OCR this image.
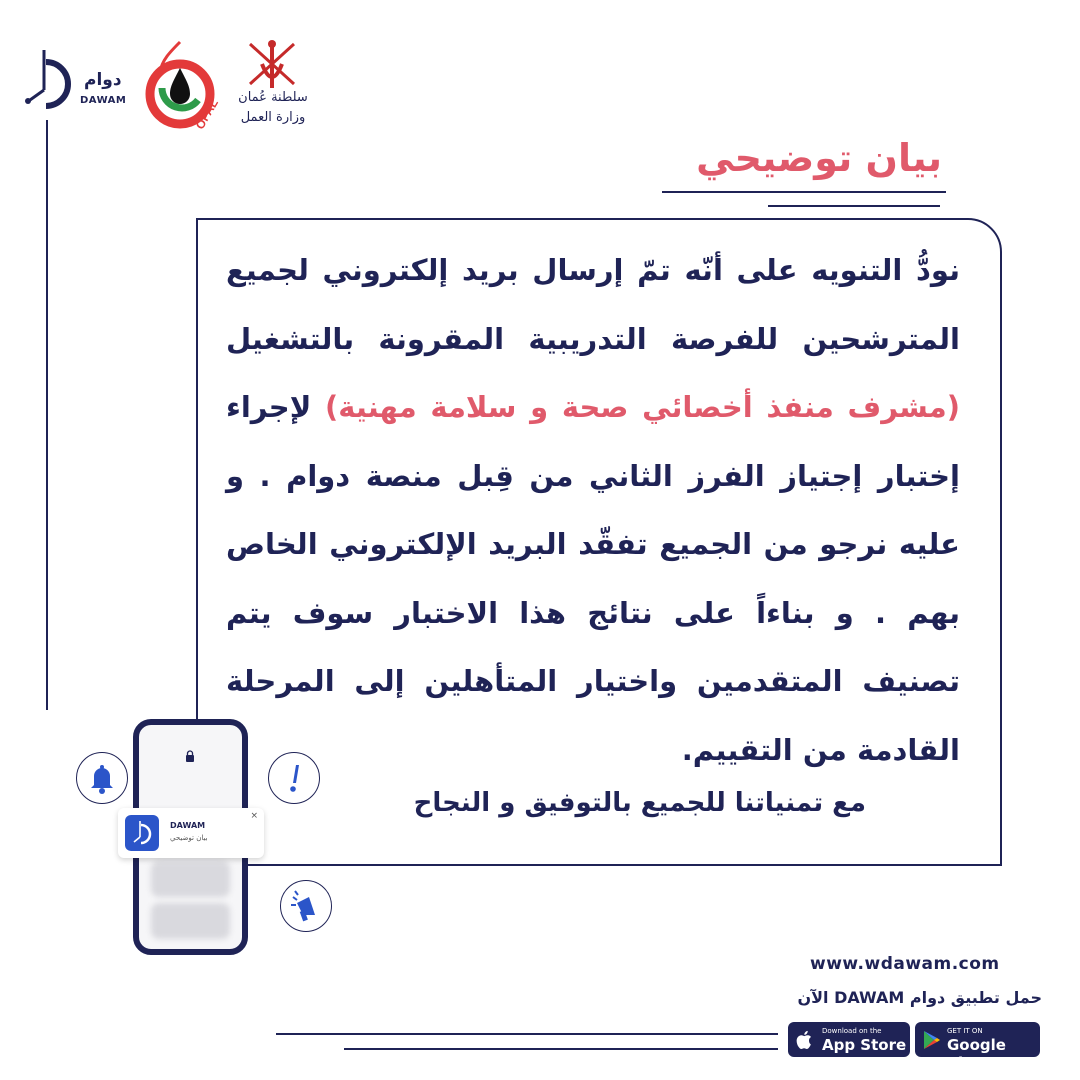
دوام
DAWAM	OPAL سلطنة عُمان
وزارة العمل
بيان توضيحي

نودُّ التنويه على أنّه تمّ إرسال بريد إلكتروني لجميع المترشحين للفرصة التدريبية المقرونة بالتشغيل (مشرف منفذ أخصائي صحة و سلامة مهنية) لإجراء إختبار إجتياز الفرز الثاني من قِبل منصة دوام . و عليه نرجو من الجميع تفقّد البريد الإلكتروني الخاص بهم . و بناءاً على نتائج هذا الاختبار سوف يتم تصنيف المتقدمين واختيار المتأهلين إلى المرحلة القادمة من التقييم.

مع تمنياتنا للجميع بالتوفيق و النجاح
DAWAM
بيان توضيحي
×
www.wdawam.com
حمل تطبيق دوام DAWAM الآن
Download on the
App Store
GET IT ON
Google Play
